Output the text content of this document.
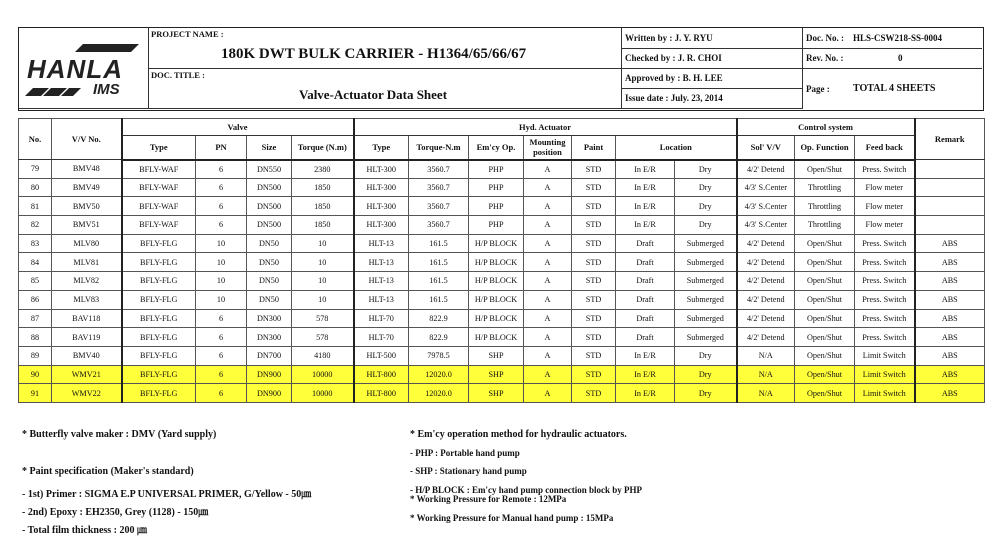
HANLA
IMS
PROJECT NAME :
180K DWT BULK CARRIER - H1364/65/66/67
DOC. TITLE :
Valve-Actuator Data Sheet
Written by : J. Y. RYU
Checked by : J. R. CHOI
Approved by : B. H. LEE
Issue date : July. 23, 2014
Doc. No. : HLS-CSW218-SS-0004
Rev. No. :	0
Page : TOTAL 4 SHEETS
No.	V/V No.	Valve				Hyd. Actuator							Control system			Remark
		Type	PN	Size	Torque (N.m)	Type	Torque-N.m	Em'cy Op.	Mounting position	Paint	Location		Sol' V/V	Op. Function	Feed back	
79	BMV48	BFLY-WAF	6	DN550	2380	HLT-300	3560.7	PHP	A	STD	In E/R	Dry	4/2' Detend	Open/Shut	Press. Switch	
80	BMV49	BFLY-WAF	6	DN500	1850	HLT-300	3560.7	PHP	A	STD	In E/R	Dry	4/3' S.Center	Throttling	Flow meter	
81	BMV50	BFLY-WAF	6	DN500	1850	HLT-300	3560.7	PHP	A	STD	In E/R	Dry	4/3' S.Center	Throttling	Flow meter	
82	BMV51	BFLY-WAF	6	DN500	1850	HLT-300	3560.7	PHP	A	STD	In E/R	Dry	4/3' S.Center	Throttling	Flow meter	
83	MLV80	BFLY-FLG	10	DN50	10	HLT-13	161.5	H/P BLOCK	A	STD	Draft	Submerged	4/2' Detend	Open/Shut	Press. Switch	ABS
84	MLV81	BFLY-FLG	10	DN50	10	HLT-13	161.5	H/P BLOCK	A	STD	Draft	Submerged	4/2' Detend	Open/Shut	Press. Switch	ABS
85	MLV82	BFLY-FLG	10	DN50	10	HLT-13	161.5	H/P BLOCK	A	STD	Draft	Submerged	4/2' Detend	Open/Shut	Press. Switch	ABS
86	MLV83	BFLY-FLG	10	DN50	10	HLT-13	161.5	H/P BLOCK	A	STD	Draft	Submerged	4/2' Detend	Open/Shut	Press. Switch	ABS
87	BAV118	BFLY-FLG	6	DN300	578	HLT-70	822.9	H/P BLOCK	A	STD	Draft	Submerged	4/2' Detend	Open/Shut	Press. Switch	ABS
88	BAV119	BFLY-FLG	6	DN300	578	HLT-70	822.9	H/P BLOCK	A	STD	Draft	Submerged	4/2' Detend	Open/Shut	Press. Switch	ABS
89	BMV40	BFLY-FLG	6	DN700	4180	HLT-500	7978.5	SHP	A	STD	In E/R	Dry	N/A	Open/Shut	Limit Switch	ABS
90	WMV21	BFLY-FLG	6	DN900	10000	HLT-800	12020.0	SHP	A	STD	In E/R	Dry	N/A	Open/Shut	Limit Switch	ABS
91	WMV22	BFLY-FLG	6	DN900	10000	HLT-800	12020.0	SHP	A	STD	In E/R	Dry	N/A	Open/Shut	Limit Switch	ABS
* Butterfly valve maker : DMV (Yard supply)
* Paint specification (Maker's standard)
- 1st) Primer : SIGMA E.P UNIVERSAL PRIMER, G/Yellow - 50㎛
- 2nd) Epoxy : EH2350, Grey (1128) - 150㎛
- Total film thickness : 200 ㎛
* Em'cy operation method for hydraulic actuators.
- PHP : Portable hand pump
- SHP : Stationary hand pump
- H/P BLOCK : Em'cy hand pump connection block by PHP
* Working Pressure for Remote : 12MPa
* Working Pressure for Manual hand pump : 15MPa
